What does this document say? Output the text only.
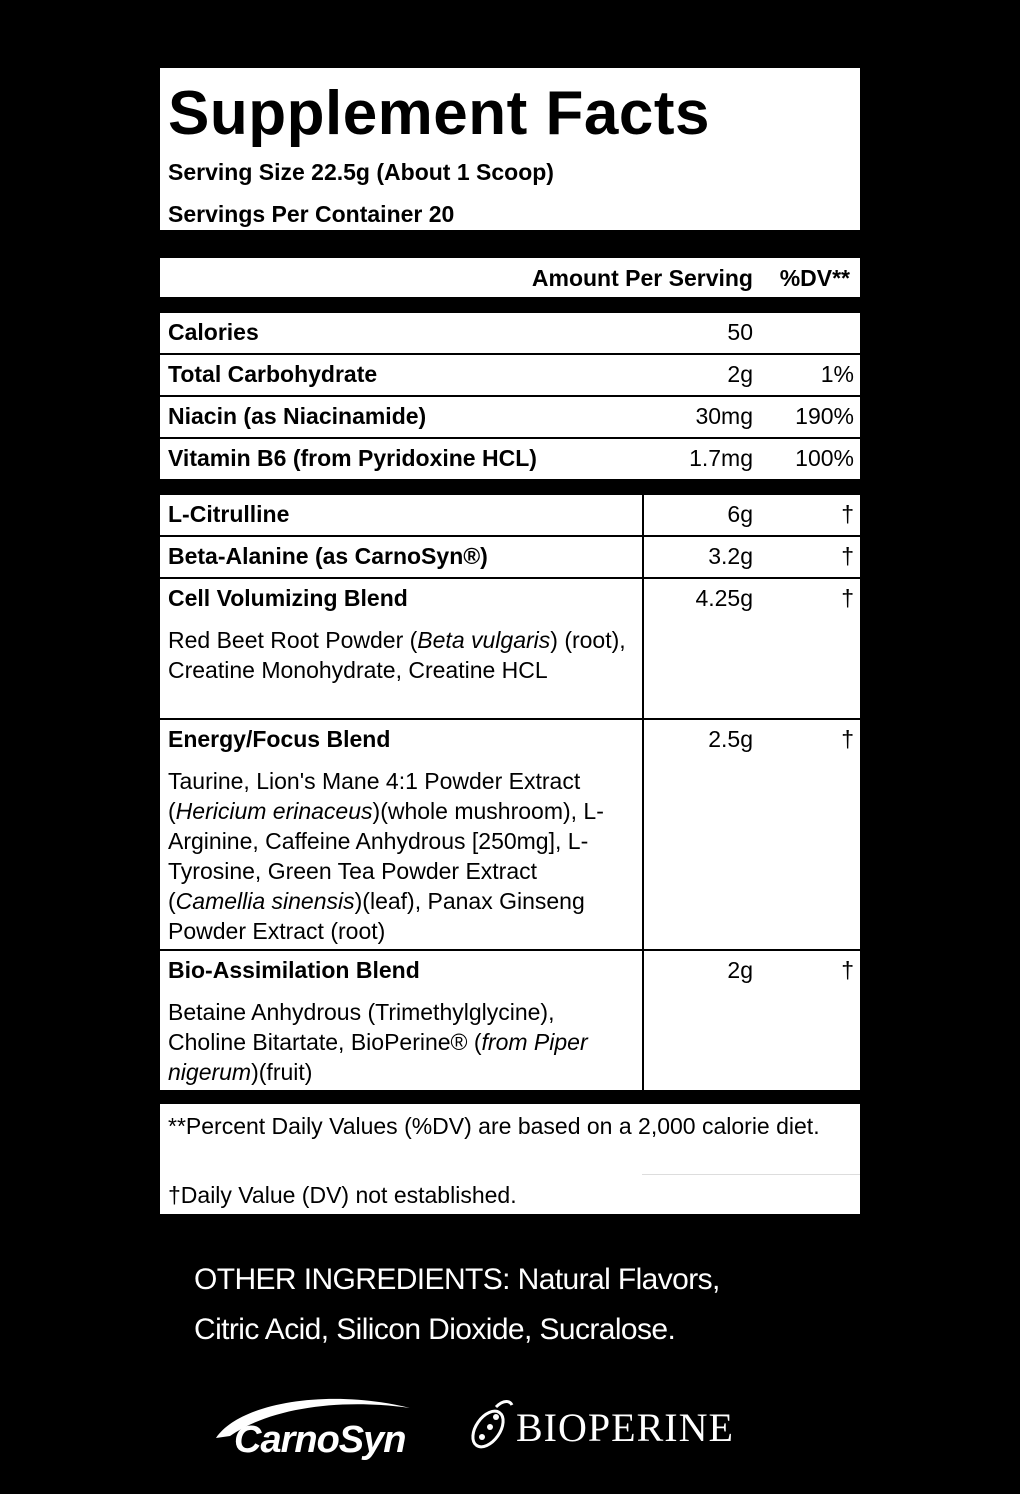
Supplement Facts
Serving Size 22.5g (About 1 Scoop)
Servings Per Container 20
Amount Per Serving %DV**
Calories	50
Total Carbohydrate	2g	1%
Niacin (as Niacinamide)	30mg 190%
Vitamin B6 (from Pyridoxine HCL)	1.7mg 100%
L-Citrulline	6g	†
Beta-Alanine (as CarnoSyn®)	3.2g	†
Cell Volumizing Blend	4.25g	†
Red Beet Root Powder (Beta vulgaris) (root), Creatine Monohydrate, Creatine HCL
Energy/Focus Blend	2.5g	†
Taurine, Lion's Mane 4:1 Powder Extract (Hericium erinaceus)(whole mushroom), L-Arginine, Caffeine Anhydrous [250mg], L-Tyrosine, Green Tea Powder Extract (Camellia sinensis)(leaf), Panax Ginseng Powder Extract (root)
Bio-Assimilation Blend	2g	†
Betaine Anhydrous (Trimethylglycine), Choline Bitartate, BioPerine® (from Piper nigerum)(fruit)
**Percent Daily Values (%DV) are based on a 2,000 calorie diet.
†Daily Value (DV) not established.
OTHER INGREDIENTS: Natural Flavors,
Citric Acid, Silicon Dioxide, Sucralose.
CarnoSyn	BIOPERINE
